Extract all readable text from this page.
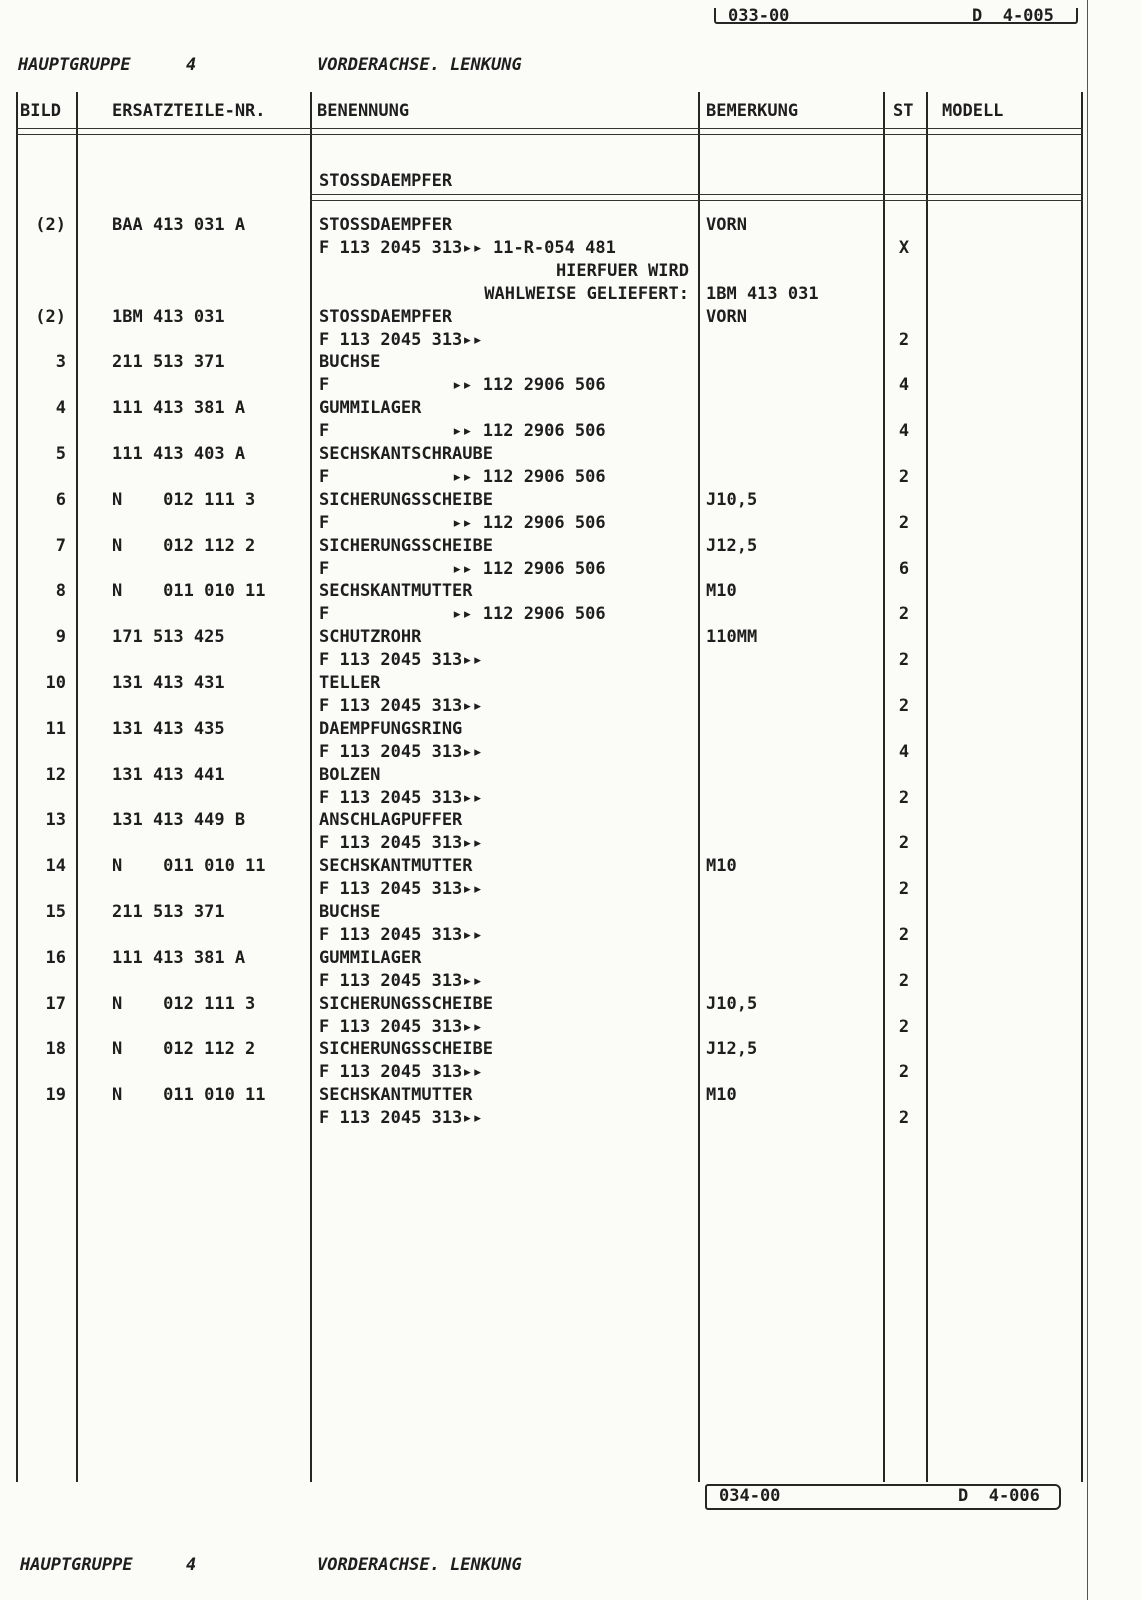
033-00	D  4-005
HAUPTGRUPPE	4	VORDERACHSE. LENKUNG
BILD	ERSATZTEILE-NR.	BENENNUNG	BEMERKUNG	ST MODELL
STOSSDAEMPFER
(2)	BAA 413 031 A	STOSSDAEMPFER	VORN
F 113 2045 313▸▸ 11-R-054 481	X
HIERFUER WIRD
WAHLWEISE GELIEFERT: 1BM 413 031
(2)	1BM 413 031	STOSSDAEMPFER	VORN
F 113 2045 313▸▸	2
3	211 513 371	BUCHSE
F            ▸▸ 112 2906 506	4
4	111 413 381 A	GUMMILAGER
F            ▸▸ 112 2906 506	4
5	111 413 403 A	SECHSKANTSCHRAUBE
F            ▸▸ 112 2906 506	2
6	N    012 111 3	SICHERUNGSSCHEIBE	J10,5
F            ▸▸ 112 2906 506	2
7	N    012 112 2	SICHERUNGSSCHEIBE	J12,5
F            ▸▸ 112 2906 506	6
8	N    011 010 11	SECHSKANTMUTTER	M10
F            ▸▸ 112 2906 506	2
9	171 513 425	SCHUTZROHR	110MM
F 113 2045 313▸▸	2
10	131 413 431	TELLER
F 113 2045 313▸▸	2
11	131 413 435	DAEMPFUNGSRING
F 113 2045 313▸▸	4
12	131 413 441	BOLZEN
F 113 2045 313▸▸	2
13	131 413 449 B	ANSCHLAGPUFFER
F 113 2045 313▸▸	2
14	N    011 010 11	SECHSKANTMUTTER	M10
F 113 2045 313▸▸	2
15	211 513 371	BUCHSE
F 113 2045 313▸▸	2
16	111 413 381 A	GUMMILAGER
F 113 2045 313▸▸	2
17	N    012 111 3	SICHERUNGSSCHEIBE	J10,5
F 113 2045 313▸▸	2
18	N    012 112 2	SICHERUNGSSCHEIBE	J12,5
F 113 2045 313▸▸	2
19	N    011 010 11	SECHSKANTMUTTER	M10
F 113 2045 313▸▸	2
034-00	D  4-006
HAUPTGRUPPE	4	VORDERACHSE. LENKUNG
